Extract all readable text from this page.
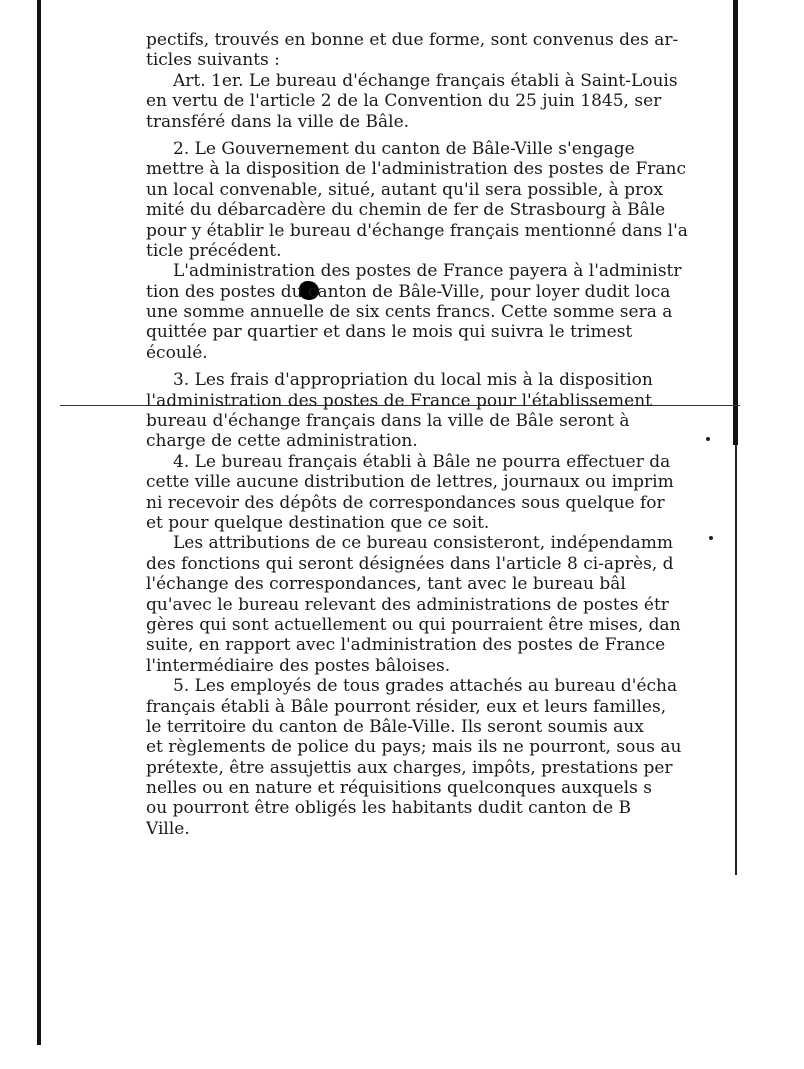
pectifs, trouvés en bonne et due forme, sont convenus des ar-
ticles suivants :
Art. 1er. Le bureau d'échange français établi à Saint-Louis
en vertu de l'article 2 de la Convention du 25 juin 1845, ser
transféré dans la ville de Bâle.
2. Le Gouvernement du canton de Bâle-Ville s'engage
mettre à la disposition de l'administration des postes de Franc
un local convenable, situé, autant qu'il sera possible, à prox
mité du débarcadère du chemin de fer de Strasbourg à Bâle
pour y établir le bureau d'échange français mentionné dans l'a
ticle précédent.
L'administration des postes de France payera à l'administr
tion des postes du canton de Bâle-Ville, pour loyer dudit loca
une somme annuelle de six cents francs. Cette somme sera a
quittée par quartier et dans le mois qui suivra le trimest
écoulé.
3. Les frais d'appropriation du local mis à la disposition
l'administration des postes de France pour l'établissement
bureau d'échange français dans la ville de Bâle seront à
charge de cette administration.
4. Le bureau français établi à Bâle ne pourra effectuer da
cette ville aucune distribution de lettres, journaux ou imprim
ni recevoir des dépôts de correspondances sous quelque for
et pour quelque destination que ce soit.
Les attributions de ce bureau consisteront, indépendamm
des fonctions qui seront désignées dans l'article 8 ci-après, d
l'échange des correspondances, tant avec le bureau bâl
qu'avec le bureau relevant des administrations de postes étr
gères qui sont actuellement ou qui pourraient être mises, dan
suite, en rapport avec l'administration des postes de France
l'intermédiaire des postes bâloises.
5. Les employés de tous grades attachés au bureau d'écha
français établi à Bâle pourront résider, eux et leurs familles,
le territoire du canton de Bâle-Ville. Ils seront soumis aux
et règlements de police du pays; mais ils ne pourront, sous au
prétexte, être assujettis aux charges, impôts, prestations per
nelles ou en nature et réquisitions quelconques auxquels s
ou pourront être obligés les habitants dudit canton de B
Ville.
